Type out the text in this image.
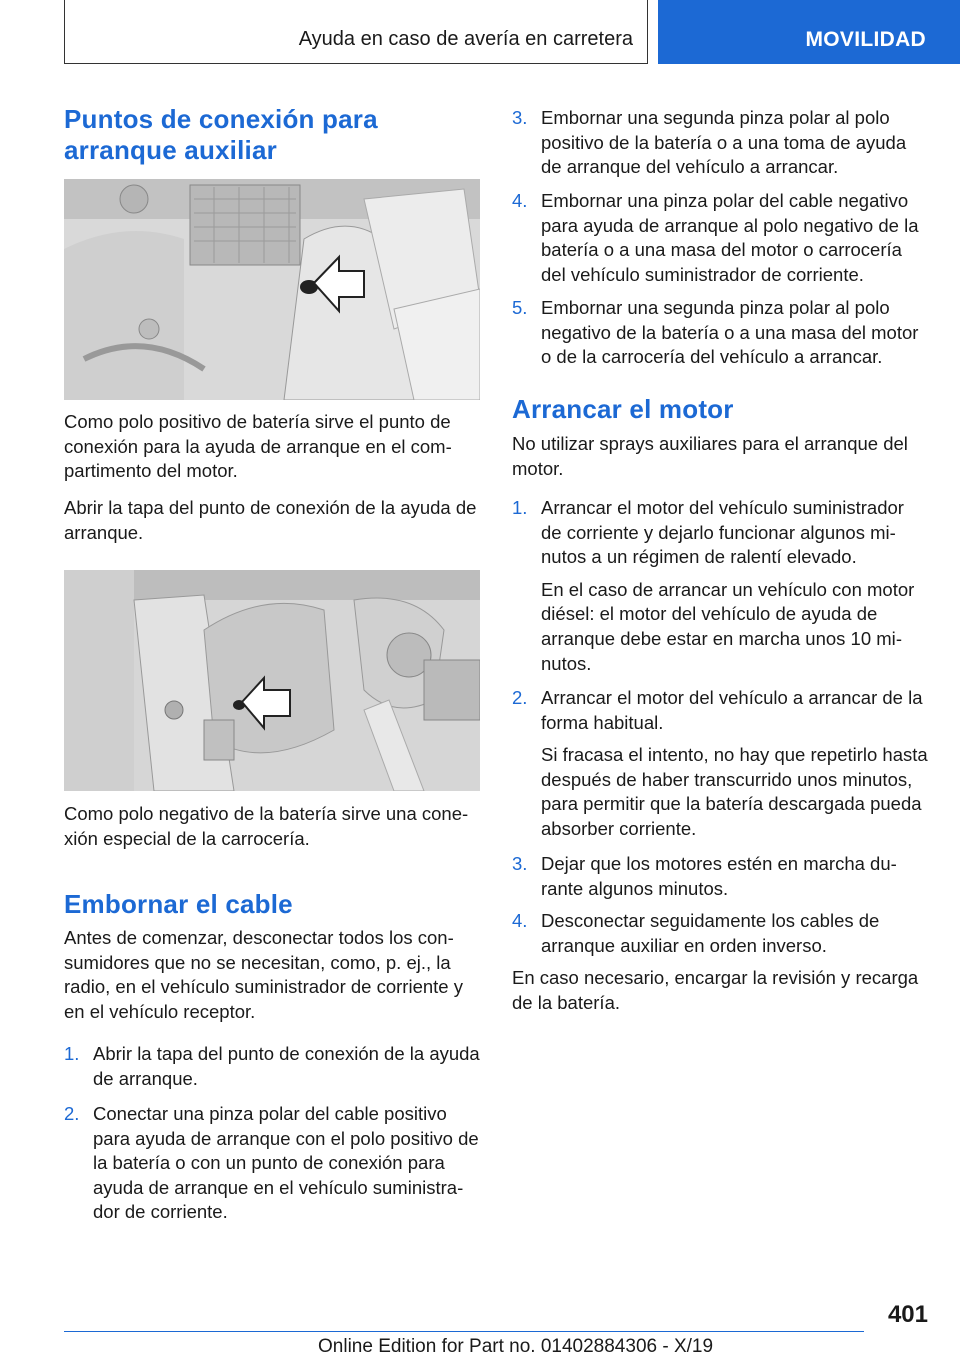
Ayuda en caso de avería en carretera	MOVILIDAD
Puntos de conexión para arranque auxiliar

Como polo positivo de batería sirve el punto de conexión para la ayuda de arranque en el compartimento del motor.

Abrir la tapa del punto de conexión de la ayuda de arranque.

Como polo negativo de la batería sirve una conexión especial de la carrocería.

Embornar el cable

Antes de comenzar, desconectar todos los consumidores que no se necesitan, como, p. ej., la radio, en el vehículo suministrador de corriente y en el vehículo receptor.

1. Abrir la tapa del punto de conexión de la ayuda de arranque.
2. Conectar una pinza polar del cable positivo para ayuda de arranque con el polo positivo de la batería o con un punto de conexión para ayuda de arranque en el vehículo suministrador de corriente.
3. Embornar una segunda pinza polar al polo positivo de la batería o a una toma de ayuda de arranque del vehículo a arrancar.
4. Embornar una pinza polar del cable negativo para ayuda de arranque al polo negativo de la batería o a una masa del motor o carrocería del vehículo suministrador de corriente.
5. Embornar una segunda pinza polar al polo negativo de la batería o a una masa del motor o de la carrocería del vehículo a arrancar.
Arrancar el motor

No utilizar sprays auxiliares para el arranque del motor.

1. Arrancar el motor del vehículo suministrador de corriente y dejarlo funcionar algunos minutos a un régimen de ralentí elevado.
En el caso de arrancar un vehículo con motor diésel: el motor del vehículo de ayuda de arranque debe estar en marcha unos 10 minutos.
2. Arrancar el motor del vehículo a arrancar de la forma habitual.
Si fracasa el intento, no hay que repetirlo hasta después de haber transcurrido unos minutos, para permitir que la batería descargada pueda absorber corriente.
3. Dejar que los motores estén en marcha durante algunos minutos.
4. Desconectar seguidamente los cables de arranque auxiliar en orden inverso.

En caso necesario, encargar la revisión y recarga de la batería.

401
Online Edition for Part no. 01402884306 - X/19
